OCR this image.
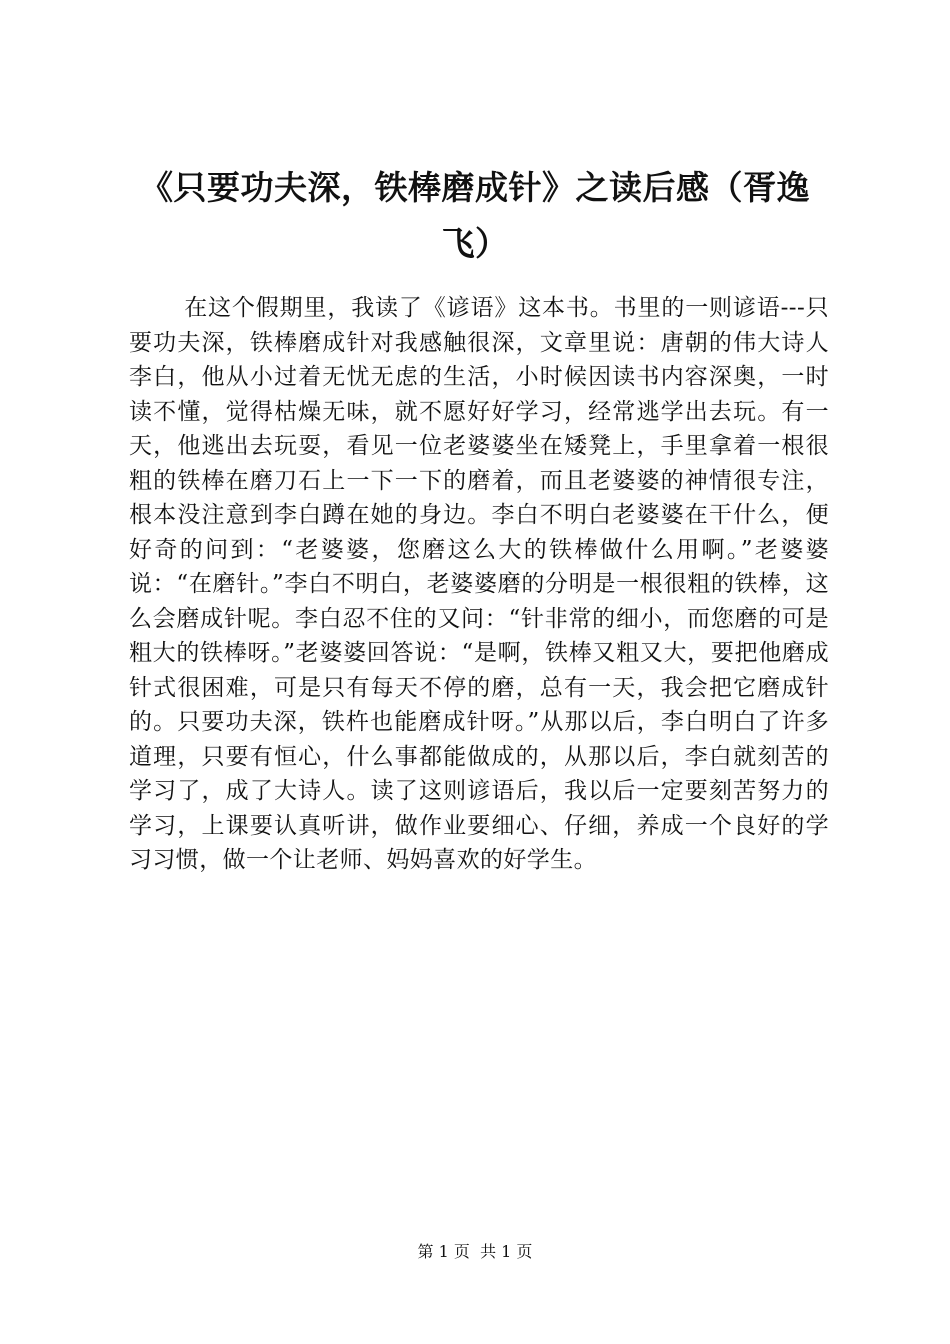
《只要功夫深，铁棒磨成针》之读后感（胥逸飞）

在这个假期里，我读了《谚语》这本书。书里的一则谚语---只要功夫深，铁棒磨成针对我感触很深，文章里说：唐朝的伟大诗人李白，他从小过着无忧无虑的生活，小时候因读书内容深奥，一时读不懂，觉得枯燥无味，就不愿好好学习，经常逃学出去玩。有一天，他逃出去玩耍，看见一位老婆婆坐在矮凳上，手里拿着一根很粗的铁棒在磨刀石上一下一下的磨着，而且老婆婆的神情很专注，根本没注意到李白蹲在她的身边。李白不明白老婆婆在干什么，便好奇的问到：“老婆婆，您磨这么大的铁棒做什么用啊。”老婆婆说：“在磨针。”李白不明白，老婆婆磨的分明是一根很粗的铁棒，这么会磨成针呢。李白忍不住的又问：“针非常的细小，而您磨的可是粗大的铁棒呀。”老婆婆回答说：“是啊，铁棒又粗又大，要把他磨成针式很困难，可是只有每天不停的磨，总有一天，我会把它磨成针的。只要功夫深，铁杵也能磨成针呀。”从那以后，李白明白了许多道理，只要有恒心，什么事都能做成的，从那以后，李白就刻苦的学习了，成了大诗人。读了这则谚语后，我以后一定要刻苦努力的学习，上课要认真听讲，做作业要细心、仔细，养成一个良好的学习习惯，做一个让老师、妈妈喜欢的好学生。

第 1 页 共 1 页
